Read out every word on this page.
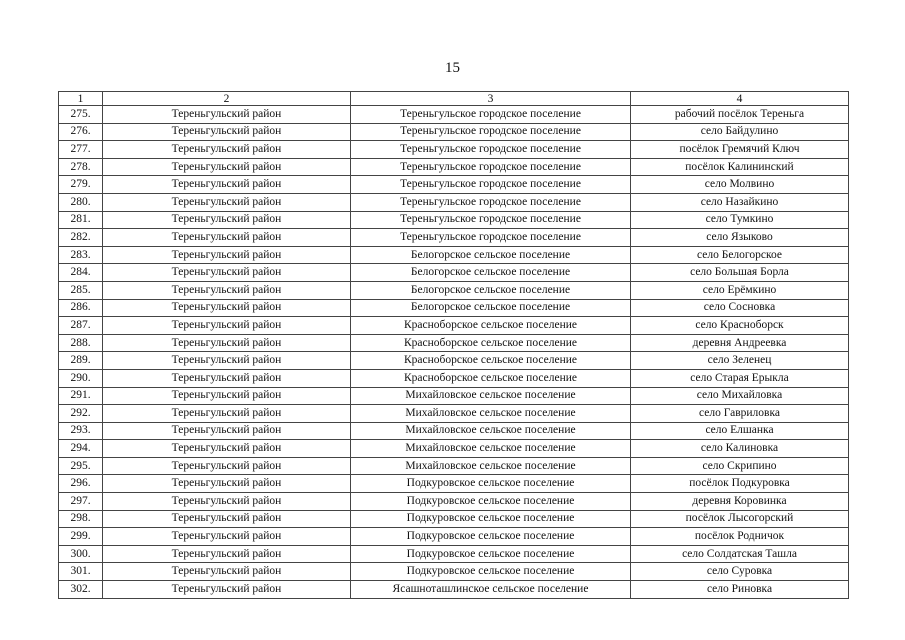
15
1	2	3	4
275.	Тереньгульский район	Тереньгульское городское поселение	рабочий посёлок Тереньга
276.	Тереньгульский район	Тереньгульское городское поселение	село Байдулино
277.	Тереньгульский район	Тереньгульское городское поселение	посёлок Гремячий Ключ
278.	Тереньгульский район	Тереньгульское городское поселение	посёлок Калининский
279.	Тереньгульский район	Тереньгульское городское поселение	село Молвино
280.	Тереньгульский район	Тереньгульское городское поселение	село Назайкино
281.	Тереньгульский район	Тереньгульское городское поселение	село Тумкино
282.	Тереньгульский район	Тереньгульское городское поселение	село Языково
283.	Тереньгульский район	Белогорское сельское поселение	село Белогорское
284.	Тереньгульский район	Белогорское сельское поселение	село Большая Борла
285.	Тереньгульский район	Белогорское сельское поселение	село Ерёмкино
286.	Тереньгульский район	Белогорское сельское поселение	село Сосновка
287.	Тереньгульский район	Красноборское сельское поселение	село Красноборск
288.	Тереньгульский район	Красноборское сельское поселение	деревня Андреевка
289.	Тереньгульский район	Красноборское сельское поселение	село Зеленец
290.	Тереньгульский район	Красноборское сельское поселение	село Старая Ерыкла
291.	Тереньгульский район	Михайловское сельское поселение	село Михайловка
292.	Тереньгульский район	Михайловское сельское поселение	село Гавриловка
293.	Тереньгульский район	Михайловское сельское поселение	село Елшанка
294.	Тереньгульский район	Михайловское сельское поселение	село Калиновка
295.	Тереньгульский район	Михайловское сельское поселение	село Скрипино
296.	Тереньгульский район	Подкуровское сельское поселение	посёлок Подкуровка
297.	Тереньгульский район	Подкуровское сельское поселение	деревня Коровинка
298.	Тереньгульский район	Подкуровское сельское поселение	посёлок Лысогорский
299.	Тереньгульский район	Подкуровское сельское поселение	посёлок Родничок
300.	Тереньгульский район	Подкуровское сельское поселение	село Солдатская Ташла
301.	Тереньгульский район	Подкуровское сельское поселение	село Суровка
302.	Тереньгульский район	Ясашноташлинское сельское поселение	село Риновка
